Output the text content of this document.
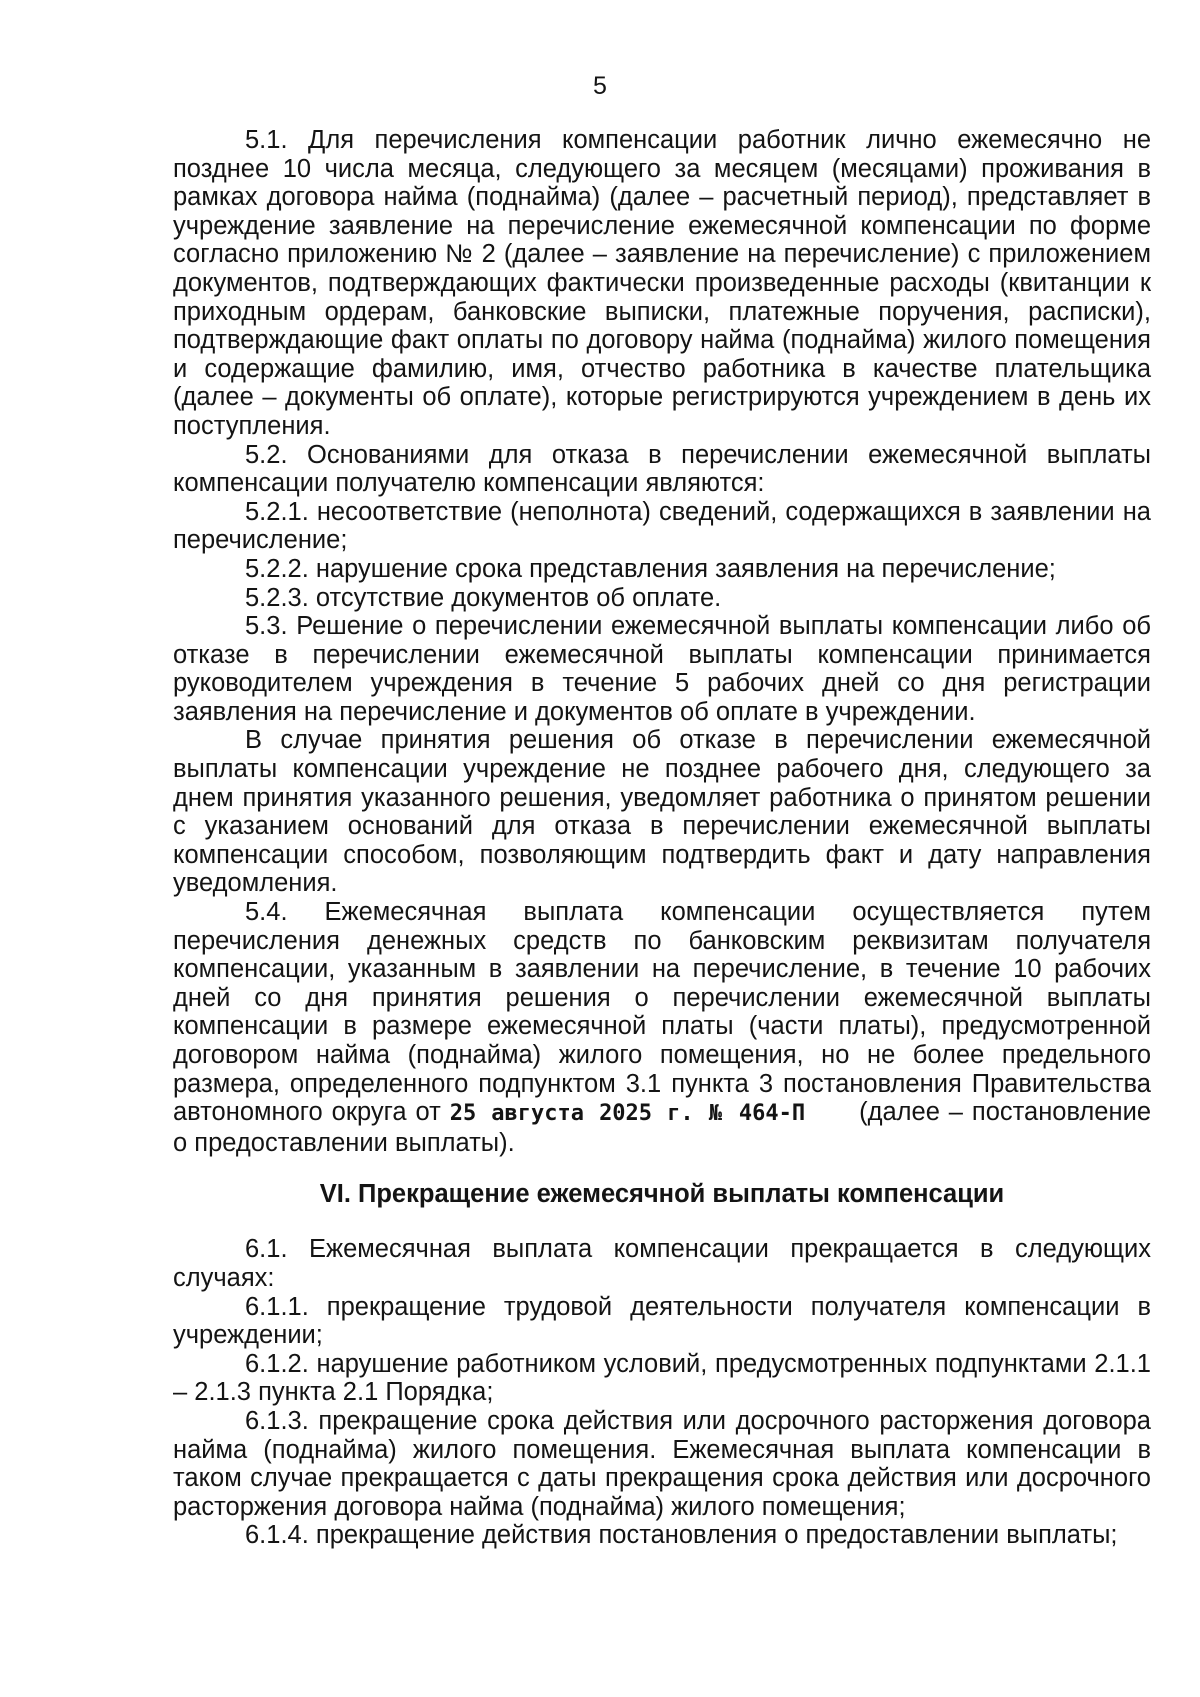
5

5.1. Для перечисления компенсации работник лично ежемесячно не позднее 10 числа месяца, следующего за месяцем (месяцами) проживания в рамках договора найма (поднайма) (далее – расчетный период), представляет в учреждение заявление на перечисление ежемесячной компенсации по форме согласно приложению № 2 (далее – заявление на перечисление) с приложением документов, подтверждающих фактически произведенные расходы (квитанции к приходным ордерам, банковские выписки, платежные поручения, расписки), подтверждающие факт оплаты по договору найма (поднайма) жилого помещения и содержащие фамилию, имя, отчество работника в качестве плательщика (далее – документы об оплате), которые регистрируются учреждением в день их поступления.

5.2. Основаниями для отказа в перечислении ежемесячной выплаты компенсации получателю компенсации являются:

5.2.1. несоответствие (неполнота) сведений, содержащихся в заявлении на перечисление;

5.2.2. нарушение срока представления заявления на перечисление;

5.2.3. отсутствие документов об оплате.

5.3. Решение о перечислении ежемесячной выплаты компенсации либо об отказе в перечислении ежемесячной выплаты компенсации принимается руководителем учреждения в течение 5 рабочих дней со дня регистрации заявления на перечисление и документов об оплате в учреждении.

В случае принятия решения об отказе в перечислении ежемесячной выплаты компенсации учреждение не позднее рабочего дня, следующего за днем принятия указанного решения, уведомляет работника о принятом решении с указанием оснований для отказа в перечислении ежемесячной выплаты компенсации способом, позволяющим подтвердить факт и дату направления уведомления.

5.4. Ежемесячная выплата компенсации осуществляется путем перечисления денежных средств по банковским реквизитам получателя компенсации, указанным в заявлении на перечисление, в течение 10 рабочих дней со дня принятия решения о перечислении ежемесячной выплаты компенсации в размере ежемесячной платы (части платы), предусмотренной договором найма (поднайма) жилого помещения, но не более предельного размера, определенного подпунктом 3.1 пункта 3 постановления Правительства автономного округа от 25 августа 2025 г. № 464-П (далее – постановление о предоставлении выплаты).

VI. Прекращение ежемесячной выплаты компенсации

6.1. Ежемесячная выплата компенсации прекращается в следующих случаях:

6.1.1. прекращение трудовой деятельности получателя компенсации в учреждении;

6.1.2. нарушение работником условий, предусмотренных подпунктами 2.1.1 – 2.1.3 пункта 2.1 Порядка;

6.1.3. прекращение срока действия или досрочного расторжения договора найма (поднайма) жилого помещения. Ежемесячная выплата компенсации в таком случае прекращается с даты прекращения срока действия или досрочного расторжения договора найма (поднайма) жилого помещения;

6.1.4. прекращение действия постановления о предоставлении выплаты;
